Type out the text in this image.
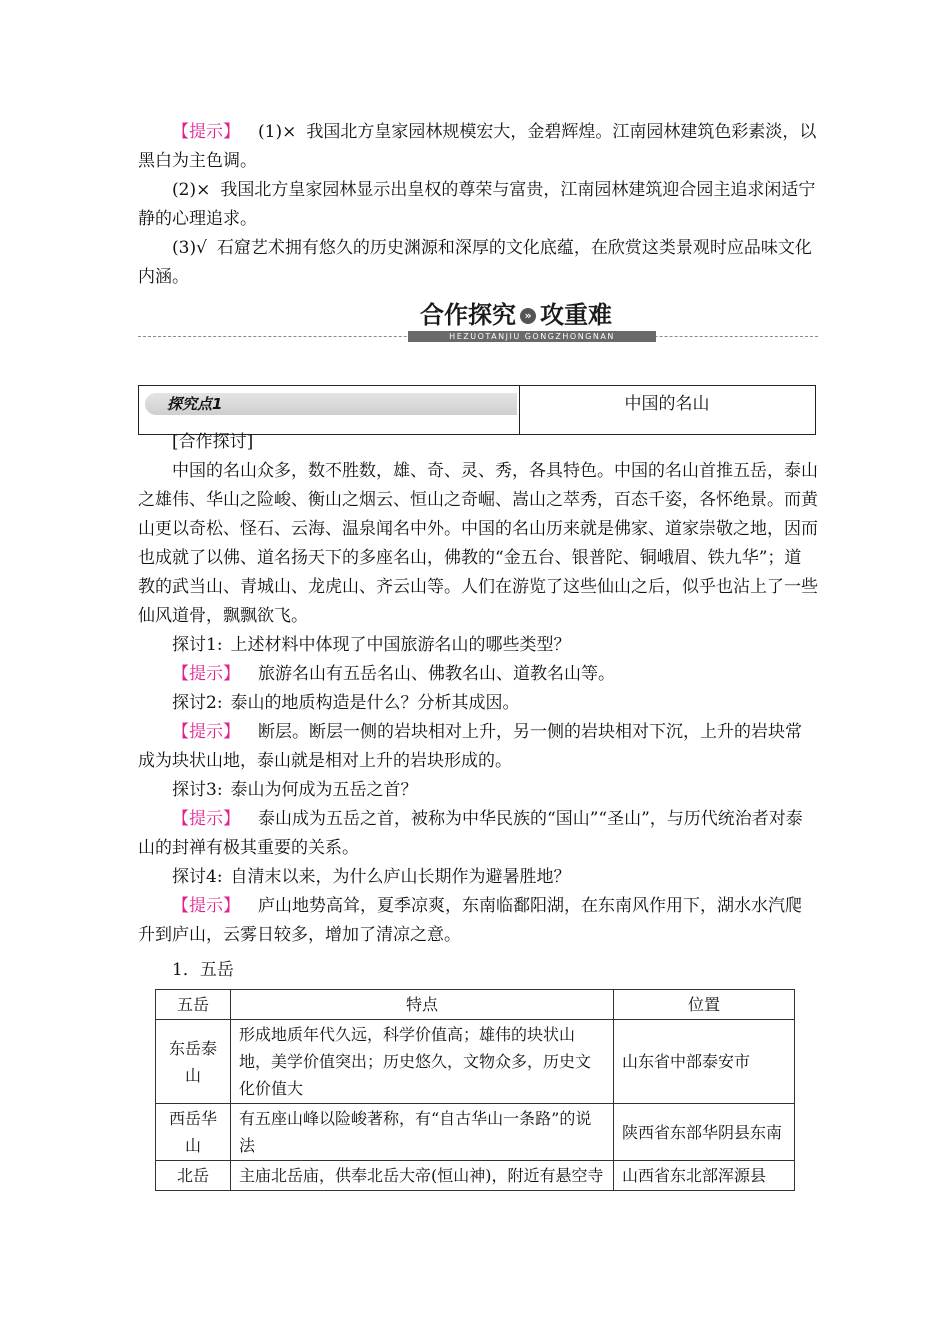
【提示】 (1)× 我国北方皇家园林规模宏大，金碧辉煌。江南园林建筑色彩素淡，以黑白为主色调。

(2)× 我国北方皇家园林显示出皇权的尊荣与富贵，江南园林建筑迎合园主追求闲适宁静的心理追求。

(3)√ 石窟艺术拥有悠久的历史渊源和深厚的文化底蕴，在欣赏这类景观时应品味文化内涵。

合作探究 » 攻重难
HEZUOTANJIU GONGZHONGNAN
探究点1	中国的名山

[合作探讨]

中国的名山众多，数不胜数，雄、奇、灵、秀，各具特色。中国的名山首推五岳，泰山之雄伟、华山之险峻、衡山之烟云、恒山之奇崛、嵩山之萃秀，百态千姿，各怀绝景。而黄山更以奇松、怪石、云海、温泉闻名中外。中国的名山历来就是佛家、道家崇敬之地，因而也成就了以佛、道名扬天下的多座名山，佛教的“金五台、银普陀、铜峨眉、铁九华”；道教的武当山、青城山、龙虎山、齐云山等。人们在游览了这些仙山之后，似乎也沾上了一些仙风道骨，飘飘欲飞。

探讨1: 上述材料中体现了中国旅游名山的哪些类型？

【提示】 旅游名山有五岳名山、佛教名山、道教名山等。

探讨2: 泰山的地质构造是什么？分析其成因。

【提示】 断层。断层一侧的岩块相对上升，另一侧的岩块相对下沉，上升的岩块常成为块状山地，泰山就是相对上升的岩块形成的。

探讨3: 泰山为何成为五岳之首？

【提示】 泰山成为五岳之首，被称为中华民族的“国山”“圣山”，与历代统治者对泰山的封禅有极其重要的关系。

探讨4: 自清末以来，为什么庐山长期作为避暑胜地？

【提示】 庐山地势高耸，夏季凉爽，东南临鄱阳湖，在东南风作用下，湖水水汽爬升到庐山，云雾日较多，增加了清凉之意。

1．五岳

五岳	特点	位置
东岳泰山	形成地质年代久远，科学价值高；雄伟的块状山地，美学价值突出；历史悠久，文物众多，历史文化价值大	山东省中部泰安市
西岳华山	有五座山峰以险峻著称，有“自古华山一条路”的说法	陕西省东部华阴县东南
北岳	主庙北岳庙，供奉北岳大帝(恒山神)，附近有悬空寺	山西省东北部浑源县
